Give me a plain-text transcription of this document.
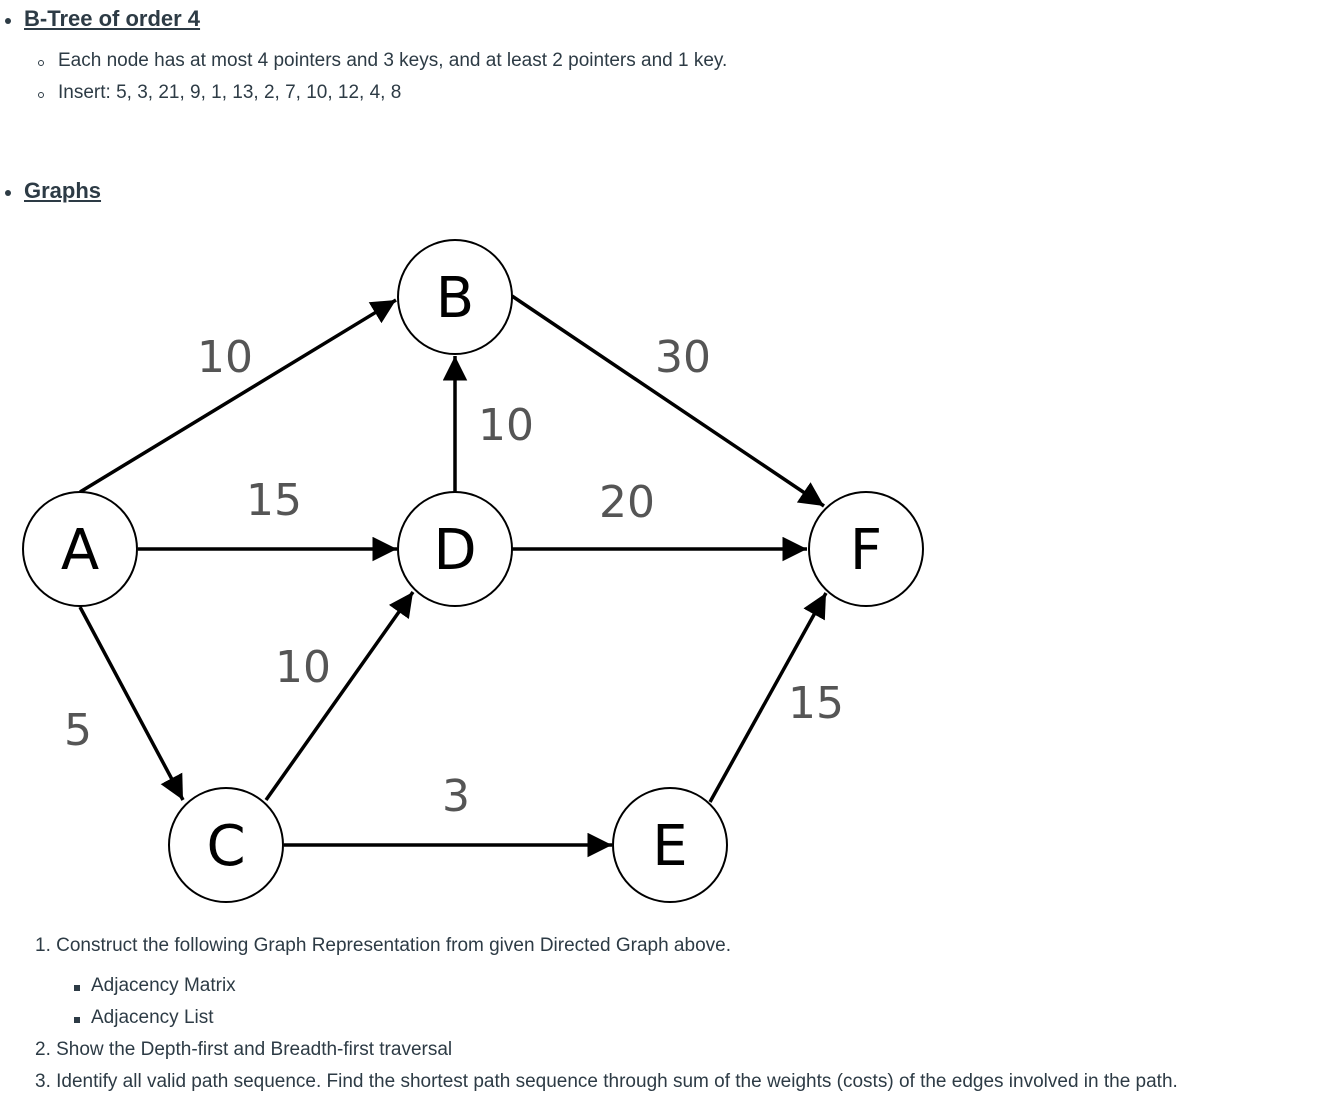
B-Tree of order 4
Each node has at most 4 pointers and 3 keys, and at least 2 pointers and 1 key.
Insert: 5, 3, 21, 9, 1, 13, 2, 7, 10, 12, 4, 8
Graphs
10
15
5
10
30
20
10
3
15
B
A	D	F
C	E
1. Construct the following Graph Representation from given Directed Graph above.
Adjacency Matrix
Adjacency List
2. Show the Depth-first and Breadth-first traversal
3. Identify all valid path sequence. Find the shortest path sequence through sum of the weights (costs) of the edges involved in the path.
